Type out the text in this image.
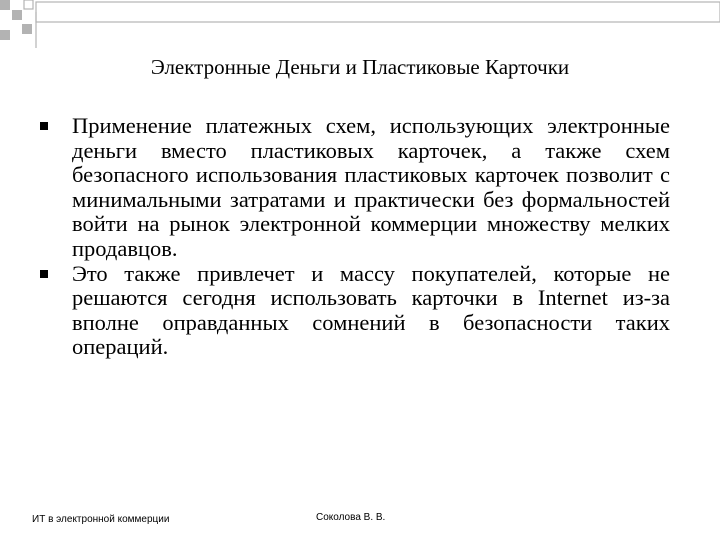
Электронные Деньги и Пластиковые Карточки
Применение платежных схем, использующих электронные деньги вместо пластиковых карточек, а также схем безопасного использования пластиковых карточек позволит с минимальными затратами и практически без формальностей войти на рынок электронной коммерции множеству мелких продавцов.
Это также привлечет и массу покупателей, которые не решаются сегодня использовать карточки в Internet из-за вполне оправданных сомнений в безопасности таких операций.
ИТ в электронной коммерции	Соколова В. В.
